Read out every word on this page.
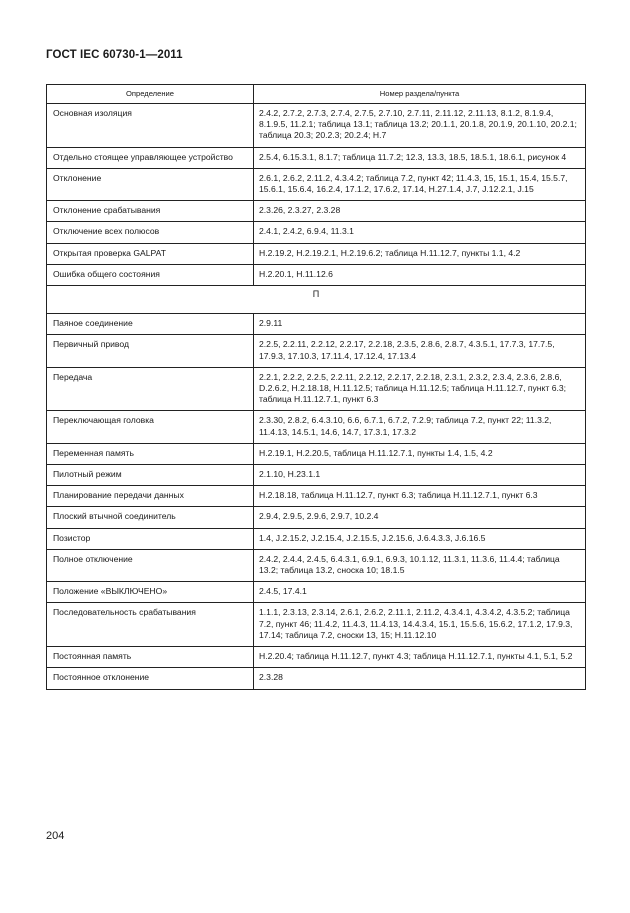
ГОСТ IEC 60730-1—2011
Определение	Номер раздела/пункта
Основная изоляция	2.4.2, 2.7.2, 2.7.3, 2.7.4, 2.7.5, 2.7.10, 2.7.11, 2.11.12, 2.11.13, 8.1.2, 8.1.9.4, 8.1.9.5, 11.2.1; таблица 13.1; таблица 13.2; 20.1.1, 20.1.8, 20.1.9, 20.1.10, 20.2.1; таблица 20.3; 20.2.3; 20.2.4; Н.7
Отдельно стоящее управляющее устройство	2.5.4, 6.15.3.1, 8.1.7; таблица 11.7.2; 12.3, 13.3, 18.5, 18.5.1, 18.6.1, рисунок 4
Отклонение	2.6.1, 2.6.2, 2.11.2, 4.3.4.2; таблица 7.2, пункт 42; 11.4.3, 15, 15.1, 15.4, 15.5.7, 15.6.1, 15.6.4, 16.2.4, 17.1.2, 17.6.2, 17.14, Н.27.1.4, J.7, J.12.2.1, J.15
Отклонение срабатывания	2.3.26, 2.3.27, 2.3.28
Отключение всех полюсов	2.4.1, 2.4.2, 6.9.4, 11.3.1
Открытая проверка GALPAT	Н.2.19.2, Н.2.19.2.1, Н.2.19.6.2; таблица Н.11.12.7, пункты 1.1, 4.2
Ошибка общего состояния	Н.2.20.1, Н.11.12.6
П	
Паяное соединение	2.9.11
Первичный привод	2.2.5, 2.2.11, 2.2.12, 2.2.17, 2.2.18, 2.3.5, 2.8.6, 2.8.7, 4.3.5.1, 17.7.3, 17.7.5, 17.9.3, 17.10.3, 17.11.4, 17.12.4, 17.13.4
Передача	2.2.1, 2.2.2, 2.2.5, 2.2.11, 2.2.12, 2.2.17, 2.2.18, 2.3.1, 2.3.2, 2.3.4, 2.3.6, 2.8.6, D.2.6.2, Н.2.18.18, Н.11.12.5; таблица Н.11.12.5; таблица Н.11.12.7, пункт 6.3; таблица Н.11.12.7.1, пункт 6.3
Переключающая головка	2.3.30, 2.8.2, 6.4.3.10, 6.6, 6.7.1, 6.7.2, 7.2.9; таблица 7.2, пункт 22; 11.3.2, 11.4.13, 14.5.1, 14.6, 14.7, 17.3.1, 17.3.2
Переменная память	Н.2.19.1, Н.2.20.5, таблица Н.11.12.7.1, пункты 1.4, 1.5, 4.2
Пилотный режим	2.1.10, Н.23.1.1
Планирование передачи данных	Н.2.18.18, таблица Н.11.12.7, пункт 6.3; таблица Н.11.12.7.1, пункт 6.3
Плоский втычной соединитель	2.9.4, 2.9.5, 2.9.6, 2.9.7, 10.2.4
Позистор	1.4, J.2.15.2, J.2.15.4, J.2.15.5, J.2.15.6, J.6.4.3.3, J.6.16.5
Полное отключение	2.4.2, 2.4.4, 2.4.5, 6.4.3.1, 6.9.1, 6.9.3, 10.1.12, 11.3.1, 11.3.6, 11.4.4; таблица 13.2; таблица 13.2, сноска 10; 18.1.5
Положение «ВЫКЛЮЧЕНО»	2.4.5, 17.4.1
Последовательность срабатывания	1.1.1, 2.3.13, 2.3.14, 2.6.1, 2.6.2, 2.11.1, 2.11.2, 4.3.4.1, 4.3.4.2, 4.3.5.2; таблица 7.2, пункт 46; 11.4.2, 11.4.3, 11.4.13, 14.4.3.4, 15.1, 15.5.6, 15.6.2, 17.1.2, 17.9.3, 17.14; таблица 7.2, сноски 13, 15; Н.11.12.10
Постоянная память	Н.2.20.4; таблица Н.11.12.7, пункт 4.3; таблица Н.11.12.7.1, пункты 4.1, 5.1, 5.2
Постоянное отклонение	2.3.28
204
